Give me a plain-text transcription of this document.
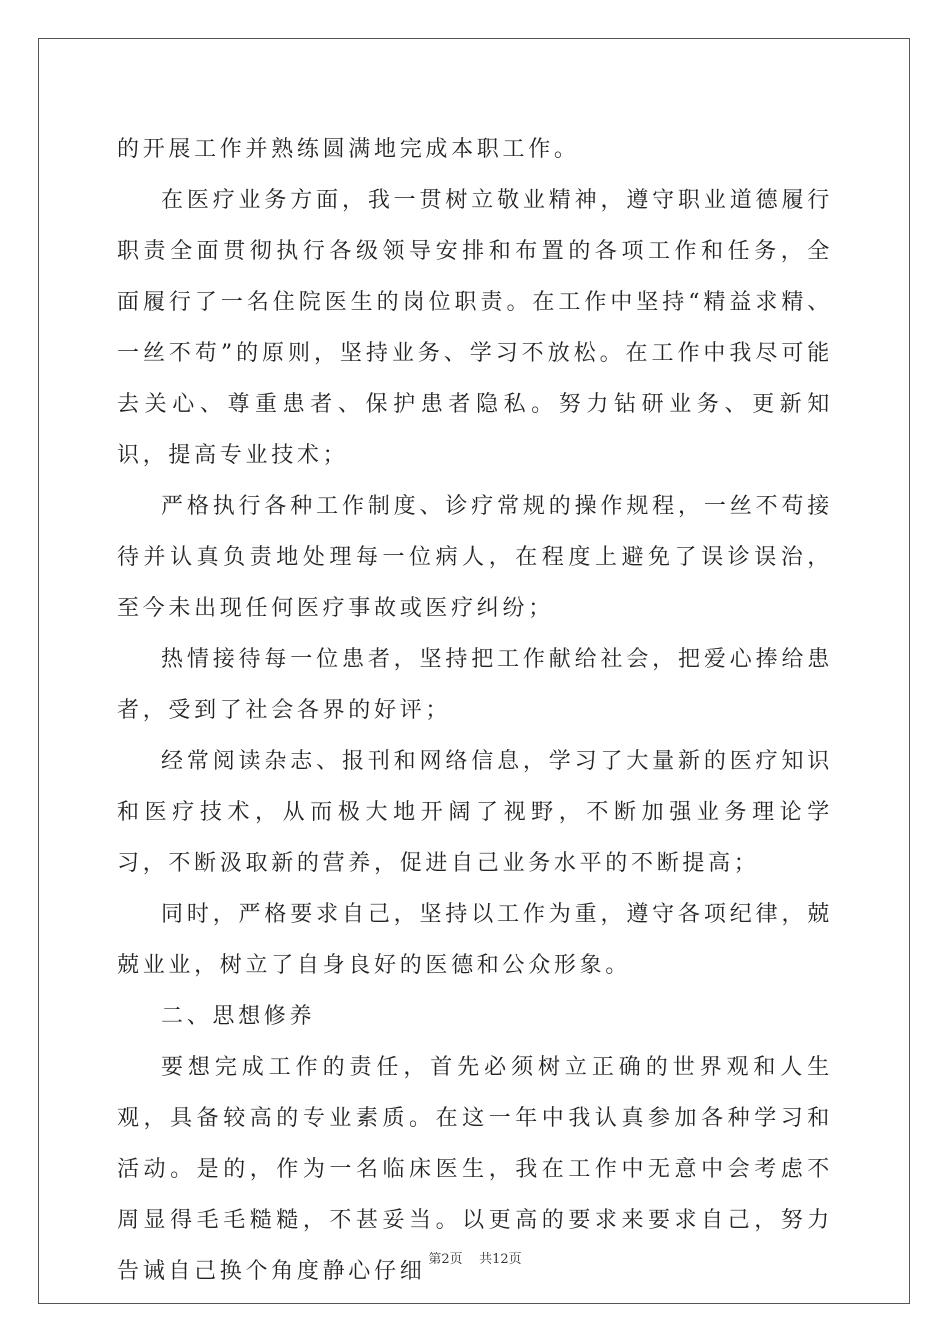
的开展工作并熟练圆满地完成本职工作。

在医疗业务方面，我一贯树立敬业精神，遵守职业道德履行职责全面贯彻执行各级领导安排和布置的各项工作和任务，全面履行了一名住院医生的岗位职责。在工作中坚持“精益求精、一丝不苟”的原则，坚持业务、学习不放松。在工作中我尽可能去关心、尊重患者、保护患者隐私。努力钻研业务、更新知识，提高专业技术；

严格执行各种工作制度、诊疗常规的操作规程，一丝不苟接待并认真负责地处理每一位病人，在程度上避免了误诊误治，至今未出现任何医疗事故或医疗纠纷；

热情接待每一位患者，坚持把工作献给社会，把爱心捧给患者，受到了社会各界的好评；

经常阅读杂志、报刊和网络信息，学习了大量新的医疗知识和医疗技术，从而极大地开阔了视野，不断加强业务理论学习，不断汲取新的营养，促进自己业务水平的不断提高；

同时，严格要求自己，坚持以工作为重，遵守各项纪律，兢兢业业，树立了自身良好的医德和公众形象。

二、思想修养

要想完成工作的责任，首先必须树立正确的世界观和人生观，具备较高的专业素质。在这一年中我认真参加各种学习和活动。是的，作为一名临床医生，我在工作中无意中会考虑不周显得毛毛糙糙，不甚妥当。以更高的要求来要求自己，努力告诫自己换个角度静心仔细 第2页    共12页
